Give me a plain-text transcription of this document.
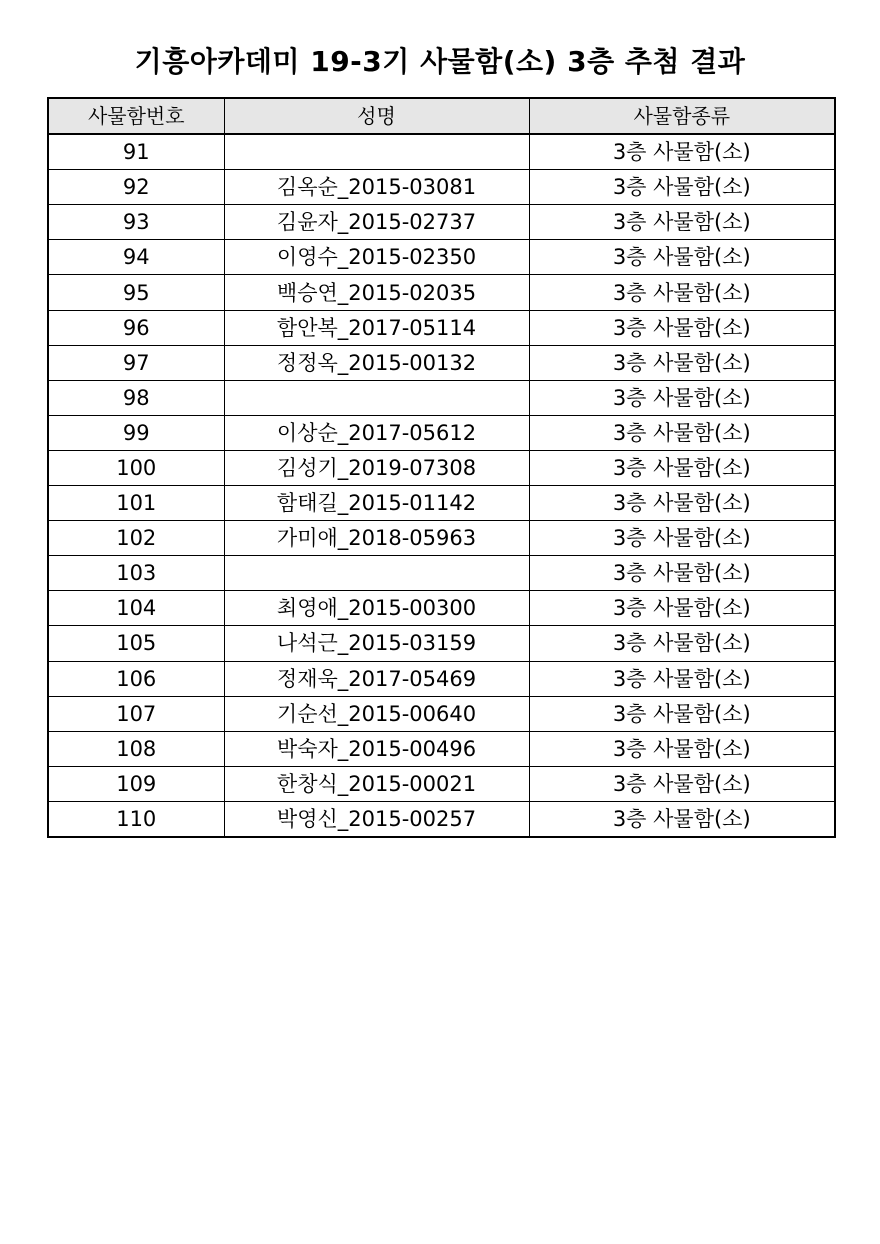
기흥아카데미 19-3기 사물함(소) 3층 추첨 결과
사물함번호	성명	사물함종류
91		3층 사물함(소)
92	김옥순_2015-03081	3층 사물함(소)
93	김윤자_2015-02737	3층 사물함(소)
94	이영수_2015-02350	3층 사물함(소)
95	백승연_2015-02035	3층 사물함(소)
96	함안복_2017-05114	3층 사물함(소)
97	정정옥_2015-00132	3층 사물함(소)
98		3층 사물함(소)
99	이상순_2017-05612	3층 사물함(소)
100	김성기_2019-07308	3층 사물함(소)
101	함태길_2015-01142	3층 사물함(소)
102	가미애_2018-05963	3층 사물함(소)
103		3층 사물함(소)
104	최영애_2015-00300	3층 사물함(소)
105	나석근_2015-03159	3층 사물함(소)
106	정재욱_2017-05469	3층 사물함(소)
107	기순선_2015-00640	3층 사물함(소)
108	박숙자_2015-00496	3층 사물함(소)
109	한창식_2015-00021	3층 사물함(소)
110	박영신_2015-00257	3층 사물함(소)
